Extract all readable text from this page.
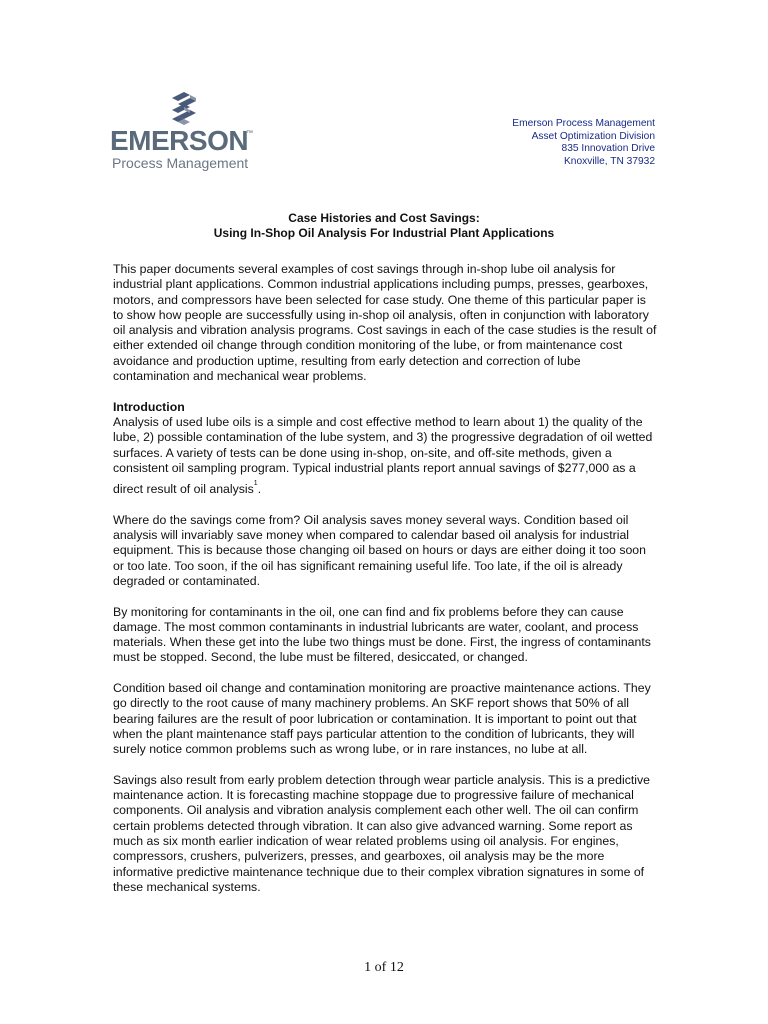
EMERSON
™
Process Management
Emerson Process Management
Asset Optimization Division
835 Innovation Drive
Knoxville, TN 37932
Case Histories and Cost Savings:
Using In-Shop Oil Analysis For Industrial Plant Applications

This paper documents several examples of cost savings through in-shop lube oil analysis for industrial plant applications. Common industrial applications including pumps, presses, gearboxes, motors, and compressors have been selected for case study. One theme of this particular paper is to show how people are successfully using in-shop oil analysis, often in conjunction with laboratory oil analysis and vibration analysis programs. Cost savings in each of the case studies is the result of either extended oil change through condition monitoring of the lube, or from maintenance cost avoidance and production uptime, resulting from early detection and correction of lube contamination and mechanical wear problems.

Introduction
Analysis of used lube oils is a simple and cost effective method to learn about 1) the quality of the lube, 2) possible contamination of the lube system, and 3) the progressive degradation of oil wetted surfaces. A variety of tests can be done using in-shop, on-site, and off-site methods, given a consistent oil sampling program. Typical industrial plants report annual savings of $277,000 as a direct result of oil analysis$^1$.

Where do the savings come from? Oil analysis saves money several ways. Condition based oil analysis will invariably save money when compared to calendar based oil analysis for industrial equipment. This is because those changing oil based on hours or days are either doing it too soon or too late. Too soon, if the oil has significant remaining useful life. Too late, if the oil is already degraded or contaminated.

By monitoring for contaminants in the oil, one can find and fix problems before they can cause damage. The most common contaminants in industrial lubricants are water, coolant, and process materials. When these get into the lube two things must be done. First, the ingress of contaminants must be stopped. Second, the lube must be filtered, desiccated, or changed.

Condition based oil change and contamination monitoring are proactive maintenance actions. They go directly to the root cause of many machinery problems. An SKF report shows that 50% of all bearing failures are the result of poor lubrication or contamination. It is important to point out that when the plant maintenance staff pays particular attention to the condition of lubricants, they will surely notice common problems such as wrong lube, or in rare instances, no lube at all.

Savings also result from early problem detection through wear particle analysis. This is a predictive maintenance action. It is forecasting machine stoppage due to progressive failure of mechanical components. Oil analysis and vibration analysis complement each other well. The oil can confirm certain problems detected through vibration. It can also give advanced warning. Some report as much as six month earlier indication of wear related problems using oil analysis. For engines, compressors, crushers, pulverizers, presses, and gearboxes, oil analysis may be the more informative predictive maintenance technique due to their complex vibration signatures in some of these mechanical systems.

1 of 12
